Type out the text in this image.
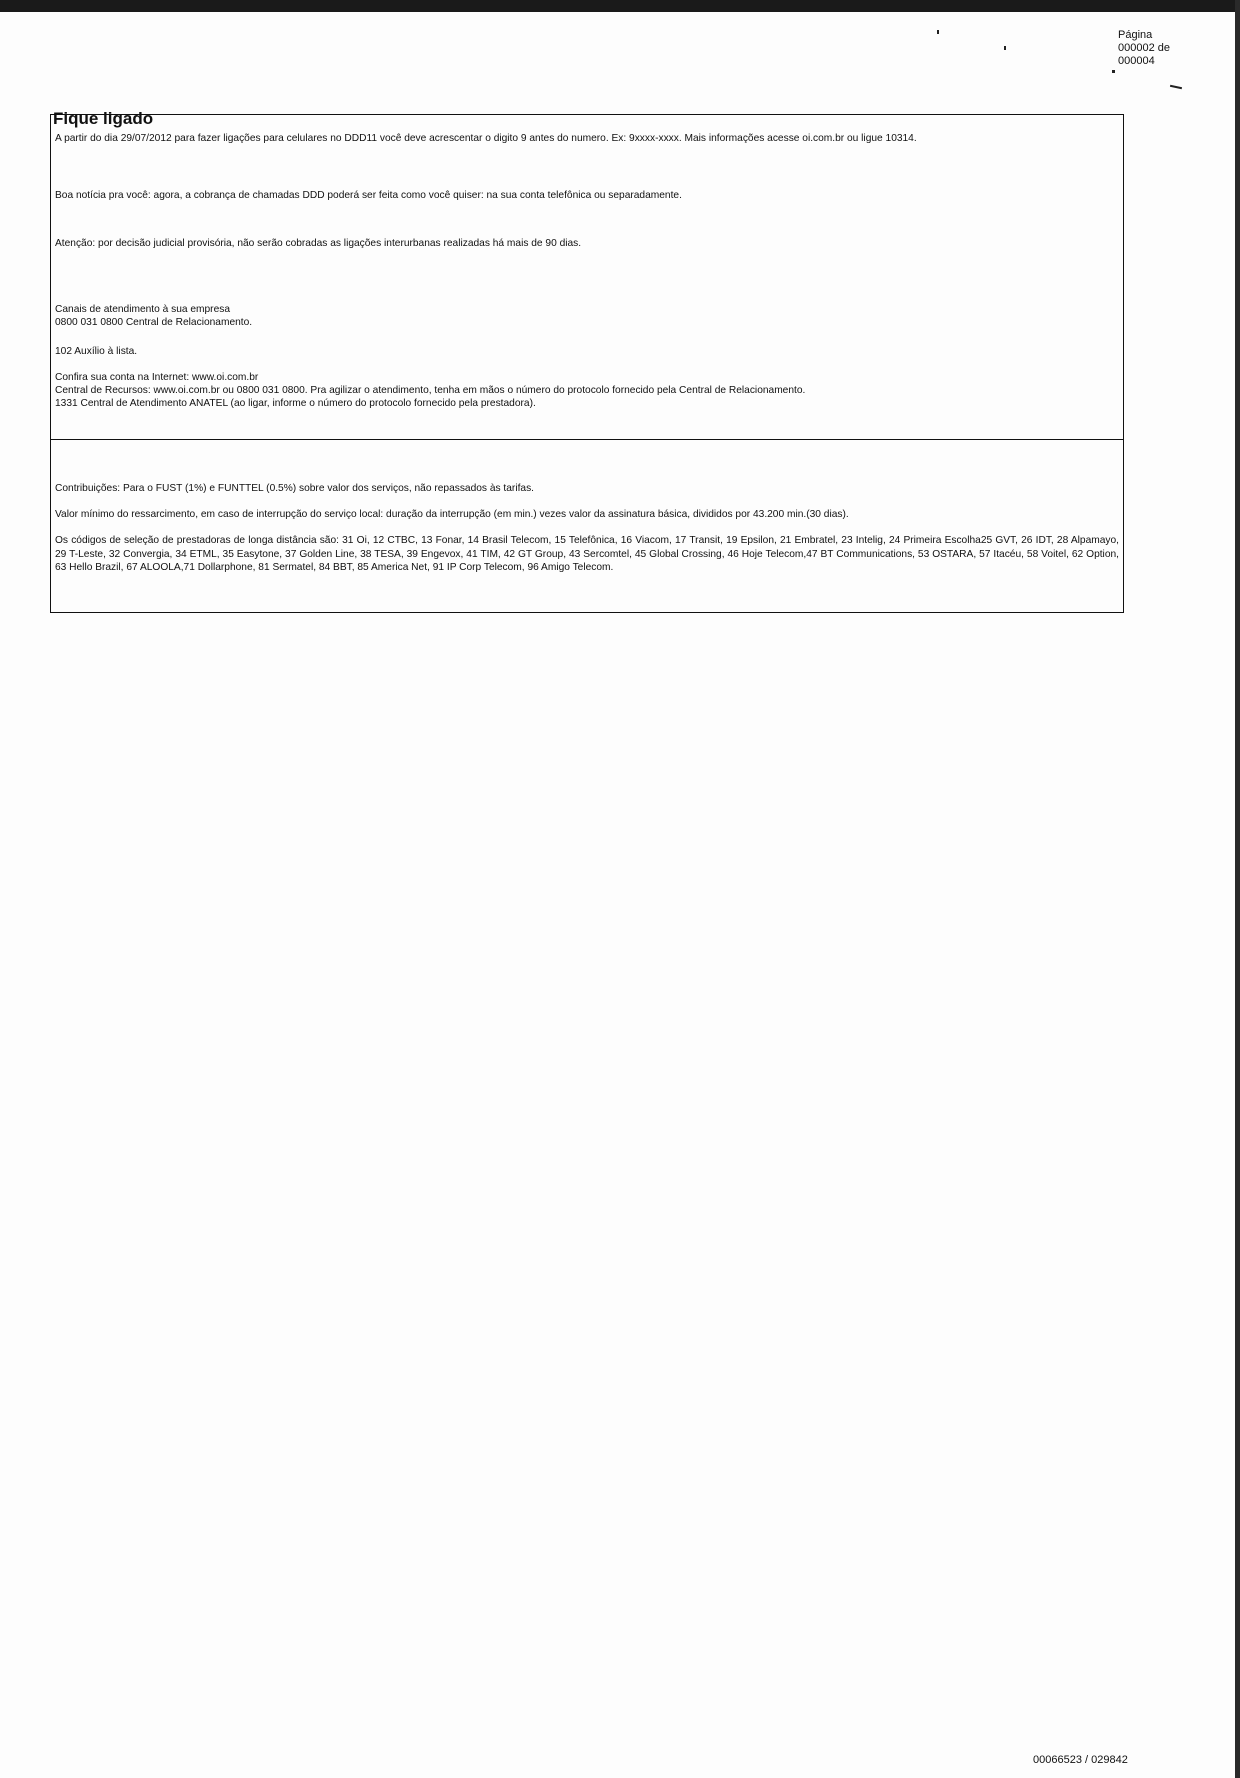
Página
000002 de
000004
Fique ligado
A partir do dia 29/07/2012 para fazer ligações para celulares no DDD11 você deve acrescentar o digito 9 antes do numero. Ex: 9xxxx-xxxx. Mais informações acesse oi.com.br ou ligue 10314.
Boa notícia pra você: agora, a cobrança de chamadas DDD poderá ser feita como você quiser: na sua conta telefônica ou separadamente.
Atenção: por decisão judicial provisória, não serão cobradas as ligações interurbanas realizadas há mais de 90 dias.
Canais de atendimento à sua empresa
0800 031 0800 Central de Relacionamento.
102 Auxílio à lista.
Confira sua conta na Internet: www.oi.com.br
Central de Recursos: www.oi.com.br ou 0800 031 0800. Pra agilizar o atendimento, tenha em mãos o número do protocolo fornecido pela Central de Relacionamento.
1331 Central de Atendimento ANATEL (ao ligar, informe o número do protocolo fornecido pela prestadora).
Contribuições: Para o FUST (1%) e FUNTTEL (0.5%) sobre valor dos serviços, não repassados às tarifas.
Valor mínimo do ressarcimento, em caso de interrupção do serviço local: duração da interrupção (em min.) vezes valor da assinatura básica, divididos por 43.200 min.(30 dias).
Os códigos de seleção de prestadoras de longa distância são: 31 Oi, 12 CTBC, 13 Fonar, 14 Brasil Telecom, 15 Telefônica, 16 Viacom, 17 Transit, 19 Epsilon, 21 Embratel, 23 Intelig, 24 Primeira Escolha25 GVT, 26 IDT, 28 Alpamayo, 29 T-Leste, 32 Convergia, 34 ETML, 35 Easytone, 37 Golden Line, 38 TESA, 39 Engevox, 41 TIM, 42 GT Group, 43 Sercomtel, 45 Global Crossing, 46 Hoje Telecom,47 BT Communications, 53 OSTARA, 57 Itacéu, 58 Voitel, 62 Option, 63 Hello Brazil, 67 ALOOLA,71 Dollarphone, 81 Sermatel, 84 BBT, 85 America Net, 91 IP Corp Telecom, 96 Amigo Telecom.
00066523 / 029842
